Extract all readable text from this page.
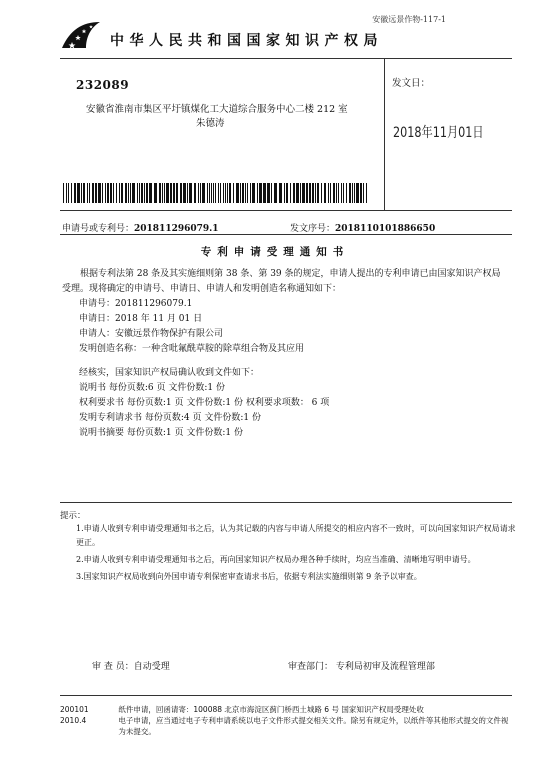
安徽远景作物-117-1
中华人民共和国国家知识产权局
232089
安徽省淮南市集区平圩镇煤化工大道综合服务中心二楼 212 室
朱德涛
发文日：
2018年11月01日
申请号或专利号：201811296079.1	发文序号：2018110101886650
专利申请受理通知书

根据专利法第 28 条及其实施细则第 38 条、第 39 条的规定，申请人提出的专利申请已由国家知识产权局受理。现将确定的申请号、申请日、申请人和发明创造名称通知如下：

申请号：201811296079.1
申请日：2018 年 11 月 01 日
申请人：安徽远景作物保护有限公司
发明创造名称：一种含吡氟酰草胺的除草组合物及其应用
经核实，国家知识产权局确认收到文件如下：
说明书 每份页数:6 页 文件份数:1 份
权利要求书 每份页数:1 页 文件份数:1 份 权利要求项数： 6 项
发明专利请求书 每份页数:4 页 文件份数:1 份
说明书摘要 每份页数:1 页 文件份数:1 份
提示：

1.申请人收到专利申请受理通知书之后，认为其记载的内容与申请人所提交的相应内容不一致时，可以向国家知识产权局请求更正。

2.申请人收到专利申请受理通知书之后，再向国家知识产权局办理各种手续时，均应当准确、清晰地写明申请号。

3.国家知识产权局收到向外国申请专利保密审查请求书后，依据专利法实施细则第 9 条予以审查。

审 查 员：自动受理	审查部门： 专利局初审及流程管理部
200101	纸件申请，回函请寄：100088 北京市海淀区蓟门桥西土城路 6 号 国家知识产权局受理处收
2010.4	电子申请，应当通过电子专利申请系统以电子文件形式提交相关文件。除另有规定外，以纸件等其他形式提交的文件视为未提交。
